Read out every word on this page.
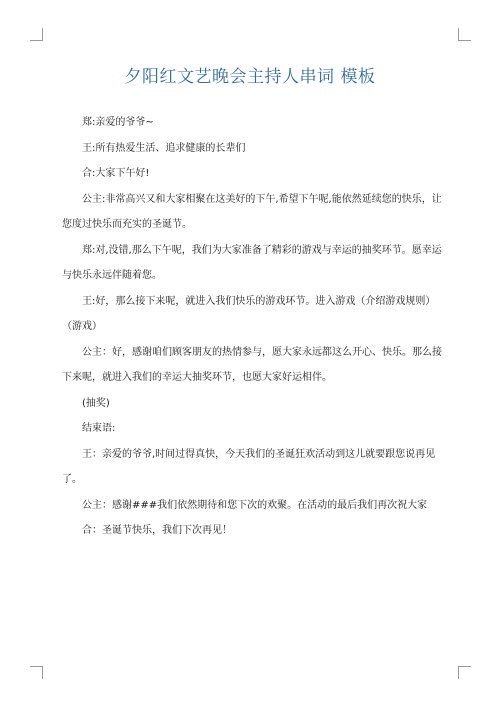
夕阳红文艺晚会主持人串词 模板

郑:亲爱的爷爷~

王:所有热爱生活、追求健康的长辈们

合:大家下午好!

公主:非常高兴又和大家相聚在这美好的下午,希望下午呢,能依然延续您的快乐，让您度过快乐而充实的圣诞节。

郑:对,没错,那么下午呢，我们为大家准备了精彩的游戏与幸运的抽奖环节。愿幸运与快乐永远伴随着您。

王:好，那么接下来呢，就进入我们快乐的游戏环节。进入游戏（介绍游戏规则）（游戏）

公主：好，感谢咱们顾客朋友的热情参与，愿大家永远都这么开心、快乐。那么接下来呢，就进入我们的幸运大抽奖环节，也愿大家好运相伴。

(抽奖)

结束语:

王：亲爱的爷爷,时间过得真快，今天我们的圣诞狂欢活动到这儿就要跟您说再见了。

公主：感谢###我们依然期待和您下次的欢聚。在活动的最后我们再次祝大家

合：圣诞节快乐，我们下次再见！
